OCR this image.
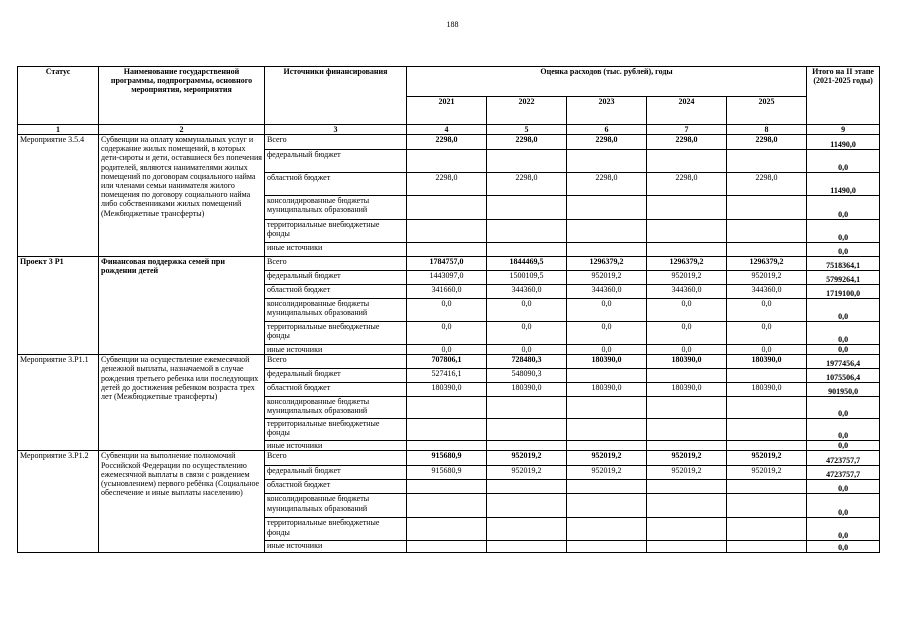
188
Статус	Наименование государственной программы, подпрограммы, основного мероприятия, мероприятия	Источники финансирования	Оценка расходов (тыс. рублей), годы					Итого на II этапе (2021-2025 годы)
			2021	2022	2023	2024	2025	
1	2	3	4	5	6	7	8	9
Мероприятие 3.5.4	Субвенции на оплату коммунальных услуг и содержание жилых помещений, в которых дети-сироты и дети, оставшиеся без попечения родителей, являются нанимателями жилых помещений по договорам социального найма или членами семьи нанимателя жилого помещения по договору социального найма либо собственниками жилых помещений (Межбюджетные трансферты)	Всего	2298,0	2298,0	2298,0	2298,0	2298,0	11490,0
		федеральный бюджет						0,0
		областной бюджет	2298,0	2298,0	2298,0	2298,0	2298,0	11490,0
		консолидированные бюджеты муниципальных образований						0,0
		территориальные внебюджетные фонды						0,0
		иные источники						0,0
Проект 3 Р1	Финансовая поддержка семей при рождении детей	Всего	1784757,0	1844469,5	1296379,2	1296379,2	1296379,2	7518364,1
		федеральный бюджет	1443097,0	1500109,5	952019,2	952019,2	952019,2	5799264,1
		областной бюджет	341660,0	344360,0	344360,0	344360,0	344360,0	1719100,0
		консолидированные бюджеты муниципальных образований	0,0	0,0	0,0	0,0	0,0	0,0
		территориальные внебюджетные фонды	0,0	0,0	0,0	0,0	0,0	0,0
		иные источники	0,0	0,0	0,0	0,0	0,0	0,0
Мероприятие 3.Р1.1	Субвенции на осуществление ежемесячной денежной выплаты, назначаемой в случае рождения третьего ребенка или последующих детей до достижения ребенком возраста трех лет (Межбюджетные трансферты)	Всего	707806,1	728480,3	180390,0	180390,0	180390,0	1977456,4
		федеральный бюджет	527416,1	548090,3				1075506,4
		областной бюджет	180390,0	180390,0	180390,0	180390,0	180390,0	901950,0
		консолидированные бюджеты муниципальных образований						0,0
		территориальные внебюджетные фонды						0,0
		иные источники						0,0
Мероприятие 3.Р1.2	Субвенции на выполнение полномочий Российской Федерации по осуществлению ежемесячной выплаты в связи с рождением (усыновлением) первого ребёнка (Социальное обеспечение и иные выплаты населению)	Всего	915680,9	952019,2	952019,2	952019,2	952019,2	4723757,7
		федеральный бюджет	915680,9	952019,2	952019,2	952019,2	952019,2	4723757,7
		областной бюджет						0,0
		консолидированные бюджеты муниципальных образований						0,0
		территориальные внебюджетные фонды						0,0
		иные источники						0,0
